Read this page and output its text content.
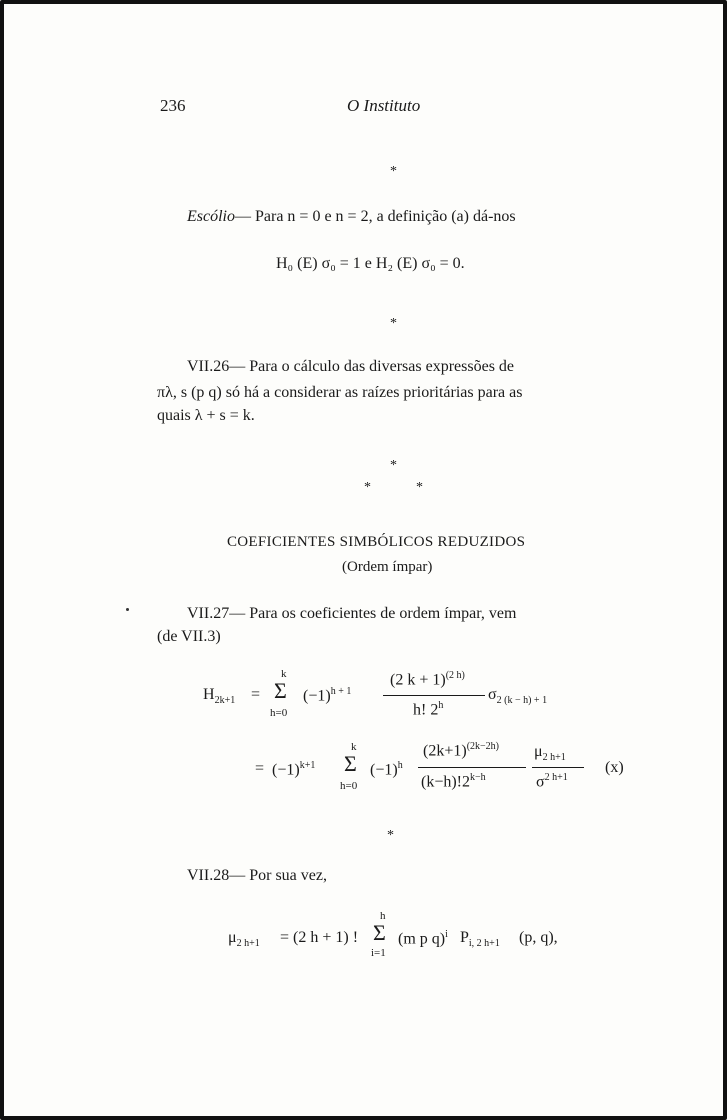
236	O Instituto
*
Escólio— Para n = 0 e n = 2, a definição (a) dá-nos
H₀ (E) σ₀ = 1 e H₂ (E) σ₀ = 0.
*
VII.26— Para o cálculo das diversas expressões de
πλ, s (p q) só há a considerar as raízes prioritárias para as
quais λ + s = k.
*
*	*
COEFICIENTES SIMBÓLICOS REDUZIDOS
(Ordem ímpar)
VII.27— Para os coeficientes de ordem ímpar, vem
(de VII.3)
$H_{2k+1}$ =
k
Σ
h=0
$(-1)^{h + 1}$
(2 k + 1)$^{(2 h)}$
h! 2$^h$
$\sigma_{2 (k - h) + 1}$
= $(-1)^{k+1}$
k
Σ
h=0
$(-1)^h$
$(2k+1)^{(2k-2h)}$
$(k-h)!2^{k-h}$
$\mu_{2 h+1}$
$\sigma^{2 h+1}$
(x)
*
VII.28— Por sua vez,
$\mu_{2 h+1} = (2$ h + 1) !
h
Σ
i=1
(m p q)$^i$ $P_{i, 2 h+1}$ (p, q),
